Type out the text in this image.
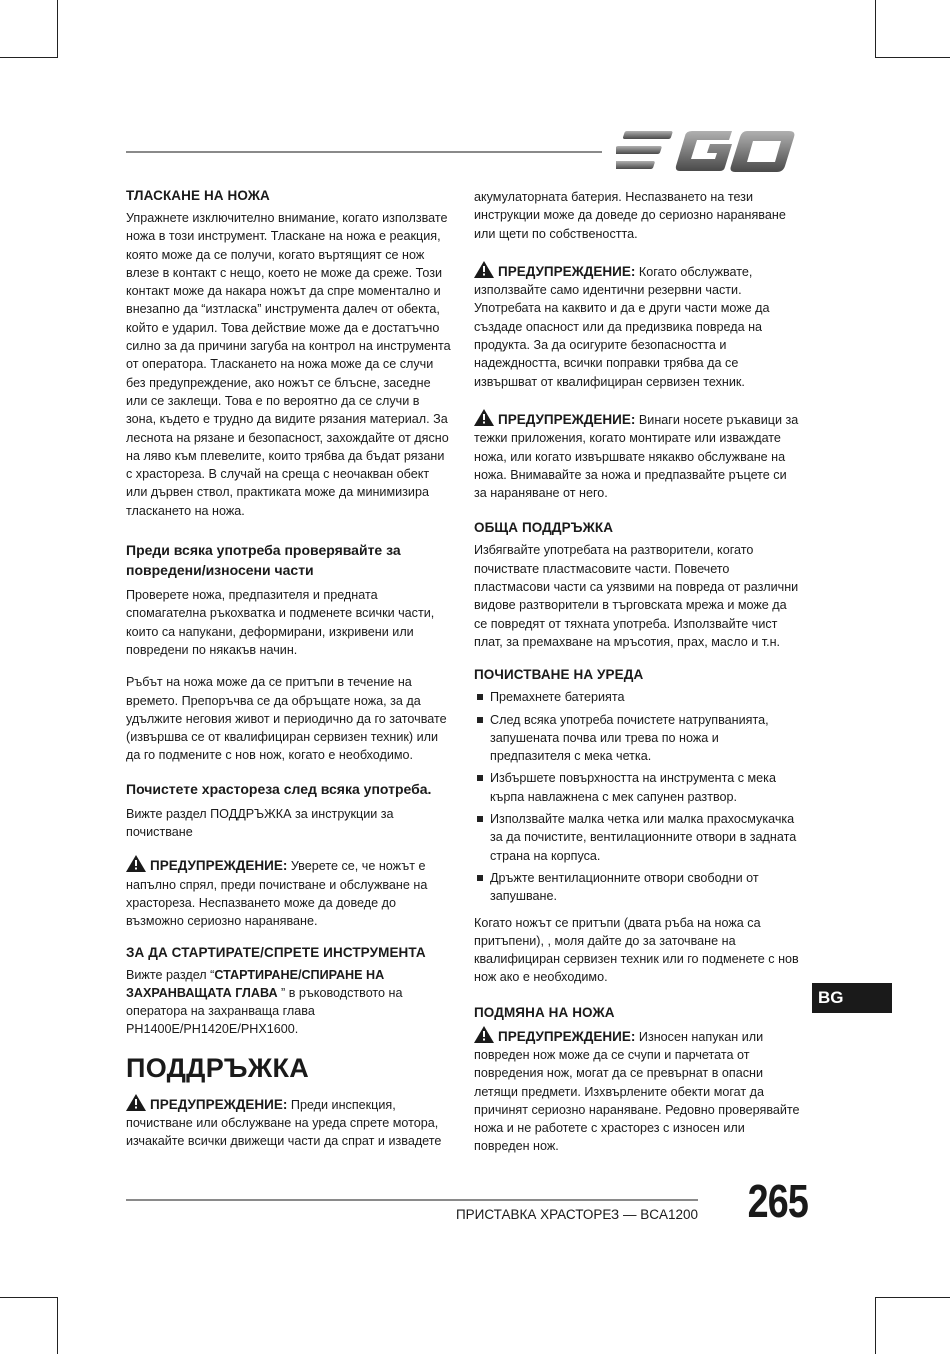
ТЛАСКАНЕ НА НОЖА

Упражнете изключително внимание, когато използвате ножа в този инструмент. Тласкане на ножа е реакция, която може да се получи, когато въртящият се нож влезе в контакт с нещо, което не може да среже. Този контакт може да накара ножът да спре моментално и внезапно да “изтласка” инструмента далеч от обекта, който е ударил. Това действие може да е достатъчно силно за да причини загуба на контрол на инструмента от оператора. Тласкането на ножа може да се случи без предупреждение, ако ножът се блъсне, заседне или се заклещи. Това е по вероятно да се случи в зона, където е трудно да видите рязания материал. За леснота на рязане и безопасност, захождайте от дясно на ляво към плевелите, които трябва да бъдат рязани с храстореза. В случай на среща с неочакван обект или дървен ствол, практиката може да минимизира тласкането на ножа.

Преди всяка употреба проверявайте за повредени/износени части

Проверете ножа, предпазителя и предната спомагателна ръкохватка и подменете всички части, които са напукани, деформирани, изкривени или повредени по някакъв начин.

Ръбът на ножа може да се притъпи в течение на времето. Препоръчва се да обръщате ножа, за да удължите неговия живот и периодично да го заточвате (извършва се от квалифициран сервизен техник) или да го подмените с нов нож, когато е необходимо.

Почистете храстореза след всяка употреба.

Вижте раздел ПОДДРЪЖКА за инструкции за почистване

ПРЕДУПРЕЖДЕНИЕ: Уверете се, че ножът е напълно спрял, преди почистване и обслужване на храстореза. Неспазването може да доведе до възможно сериозно нараняване.

ЗА ДА СТАРТИРАТЕ/СПРЕТЕ ИНСТРУМЕНТА

Вижте раздел “СТАРТИРАНЕ/СПИРАНЕ НА ЗАХРАНВАЩАТА ГЛАВА ” в ръководството на оператора на захранваща глава PH1400E/PH1420E/PHX1600.

ПОДДРЪЖКА

ПРЕДУПРЕЖДЕНИЕ: Преди инспекция, почистване или обслужване на уреда спрете мотора, изчакайте всички движещи части да спрат и извадете

акумулаторната батерия. Неспазването на тези инструкции може да доведе до сериозно нараняване или щети по собствеността.

ПРЕДУПРЕЖДЕНИЕ: Когато обслужвате, използвайте само идентични резервни части. Употребата на каквито и да е други части може да създаде опасност или да предизвика повреда на продукта. За да осигурите безопасността и надеждността, всички поправки трябва да се извършват от квалифициран сервизен техник.

ПРЕДУПРЕЖДЕНИЕ: Винаги носете ръкавици за тежки приложения, когато монтирате или изваждате ножа, или когато извършвате някакво обслужване на ножа. Внимавайте за ножа и предпазвайте ръцете си за нараняване от него.

ОБЩА ПОДДРЪЖКА

Избягвайте употребата на разтворители, когато почиствате пластмасовите части. Повечето пластмасови части са уязвими на повреда от различни видове разтворители в търговската мрежа и може да се повредят от тяхната употреба. Използвайте чист плат, за премахване на мръсотия, прах, масло и т.н.

ПОЧИСТВАНЕ НА УРЕДА
Премахнете батерията
След всяка употреба почистете натрупванията, запушената почва или трева по ножа и предпазителя с мека четка.
Избършете повърхността на инструмента с мека кърпа навлажнена с мек сапунен разтвор.
Използвайте малка четка или малка прахосмукачка за да почистите, вентилационните отвори в задната страна на корпуса.
Дръжте вентилационните отвори свободни от запушване.

Когато ножът се притъпи (двата ръба на ножа са притъпени), , моля дайте до за заточване на квалифициран сервизен техник или го подменете с нов нож ако е необходимо.

ПОДМЯНА НА НОЖА

ПРЕДУПРЕЖДЕНИЕ: Износен напукан или повреден нож може да се счупи и парчетата от повредения нож, могат да се превърнат в опасни летящи предмети. Изхвърлените обекти могат да причинят сериозно нараняване. Редовно проверявайте ножа и не работете с храсторез с износен или повреден нож.

BG
ПРИСТАВКА ХРАСТОРЕЗ — BCA1200 265
